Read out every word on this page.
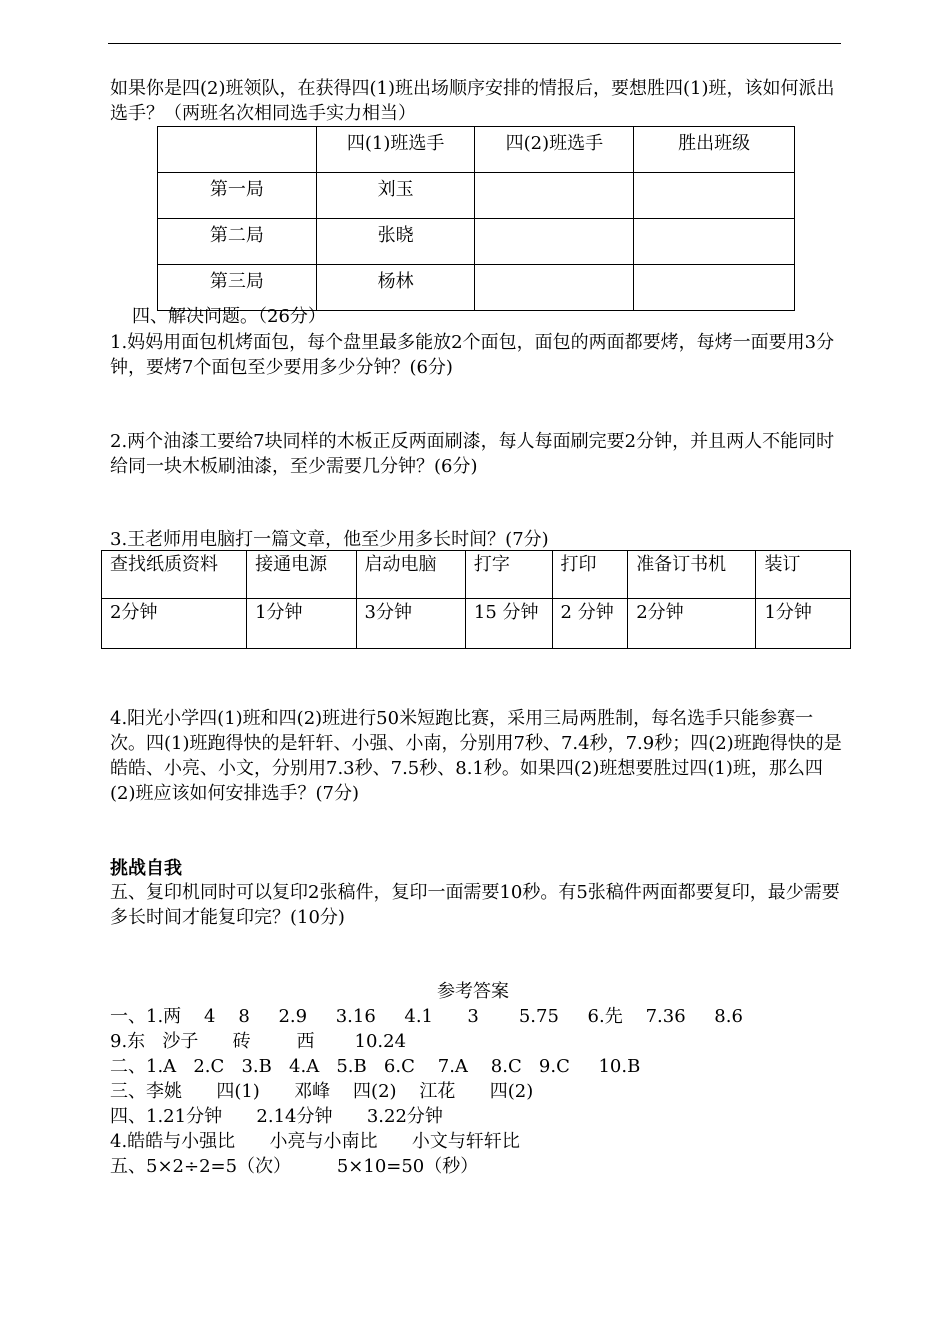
如果你是四(2)班领队，在获得四(1)班出场顺序安排的情报后，要想胜四(1)班，该如何派出选手？（两班名次相同选手实力相当）

	四(1)班选手	四(2)班选手	胜出班级
第一局	刘玉		
第二局	张晓		
第三局	杨林		

四、解决问题。（26分）

1.妈妈用面包机烤面包，每个盘里最多能放2个面包，面包的两面都要烤，每烤一面要用3分钟，要烤7个面包至少要用多少分钟？(6分)

2.两个油漆工要给7块同样的木板正反两面刷漆，每人每面刷完要2分钟，并且两人不能同时给同一块木板刷油漆，至少需要几分钟？(6分)

3.王老师用电脑打一篇文章，他至少用多长时间？(7分)

查找纸质资料	接通电源	启动电脑	打字	打印	准备订书机	装订
2分钟	1分钟	3分钟	15 分钟	2 分钟	2分钟	1分钟

4.阳光小学四(1)班和四(2)班进行50米短跑比赛，采用三局两胜制，每名选手只能参赛一次。四(1)班跑得快的是轩轩、小强、小南，分别用7秒、7.4秒，7.9秒；四(2)班跑得快的是皓皓、小亮、小文，分别用7.3秒、7.5秒、8.1秒。如果四(2)班想要胜过四(1)班，那么四(2)班应该如何安排选手？(7分)

挑战自我

五、复印机同时可以复印2张稿件，复印一面需要10秒。有5张稿件两面都要复印，最少需要多长时间才能复印完？(10分)

参考答案

一、1.两    4    8     2.9     3.16     4.1      3       5.75     6.先    7.36     8.6

9.东   沙子      砖        西       10.24

二、1.A   2.C   3.B   4.A   5.B   6.C    7.A    8.C   9.C     10.B

三、李姚      四(1)      邓峰    四(2)    江花      四(2)

四、1.21分钟      2.14分钟      3.22分钟

4.皓皓与小强比      小亮与小南比      小文与轩轩比

五、5×2÷2=5（次）        5×10=50（秒）
